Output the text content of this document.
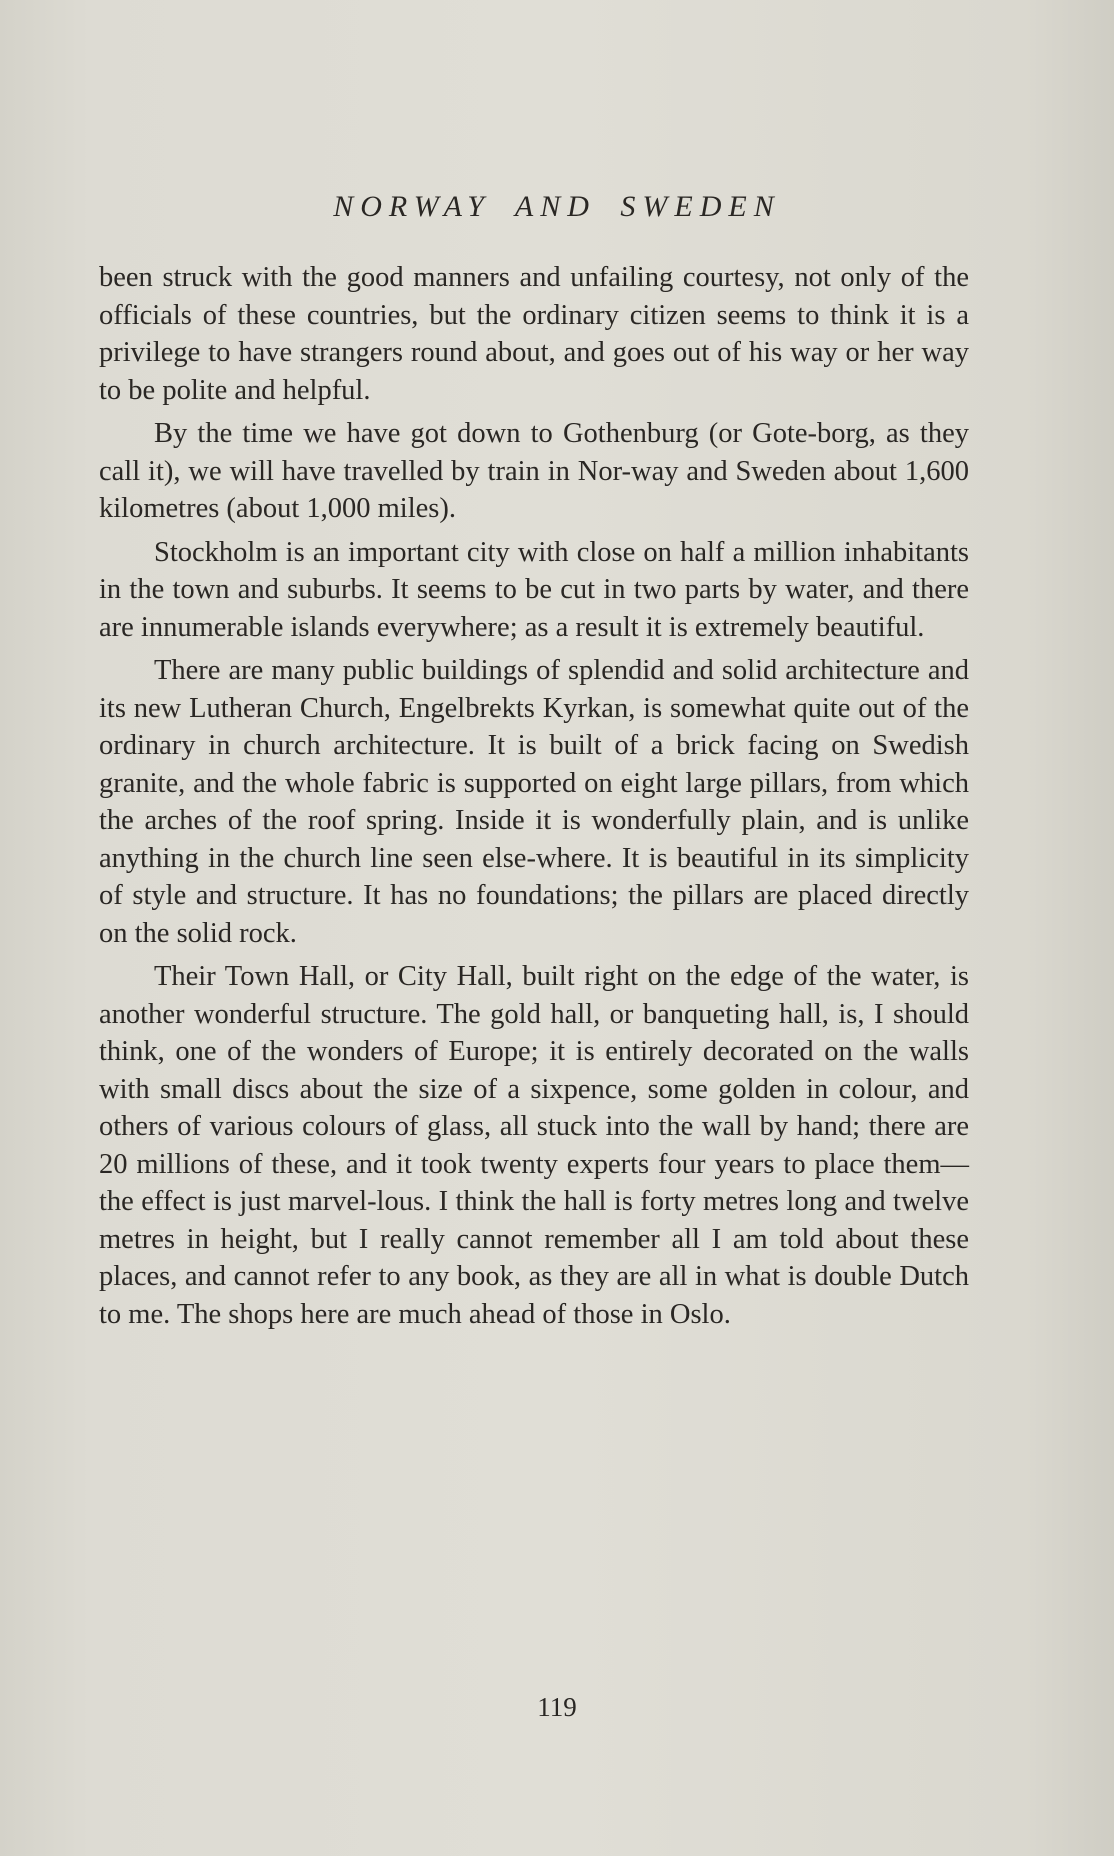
NORWAY AND SWEDEN

been struck with the good manners and unfailing courtesy, not only of the officials of these countries, but the ordinary citizen seems to think it is a privilege to have strangers round about, and goes out of his way or her way to be polite and helpful.

By the time we have got down to Gothenburg (or Gote-borg, as they call it), we will have travelled by train in Nor-way and Sweden about 1,600 kilometres (about 1,000 miles).

Stockholm is an important city with close on half a million inhabitants in the town and suburbs. It seems to be cut in two parts by water, and there are innumerable islands everywhere; as a result it is extremely beautiful.

There are many public buildings of splendid and solid architecture and its new Lutheran Church, Engelbrekts Kyrkan, is somewhat quite out of the ordinary in church architecture. It is built of a brick facing on Swedish granite, and the whole fabric is supported on eight large pillars, from which the arches of the roof spring. Inside it is wonderfully plain, and is unlike anything in the church line seen else-where. It is beautiful in its simplicity of style and structure. It has no foundations; the pillars are placed directly on the solid rock.

Their Town Hall, or City Hall, built right on the edge of the water, is another wonderful structure. The gold hall, or banqueting hall, is, I should think, one of the wonders of Europe; it is entirely decorated on the walls with small discs about the size of a sixpence, some golden in colour, and others of various colours of glass, all stuck into the wall by hand; there are 20 millions of these, and it took twenty experts four years to place them—the effect is just marvel-lous. I think the hall is forty metres long and twelve metres in height, but I really cannot remember all I am told about these places, and cannot refer to any book, as they are all in what is double Dutch to me. The shops here are much ahead of those in Oslo.

119
